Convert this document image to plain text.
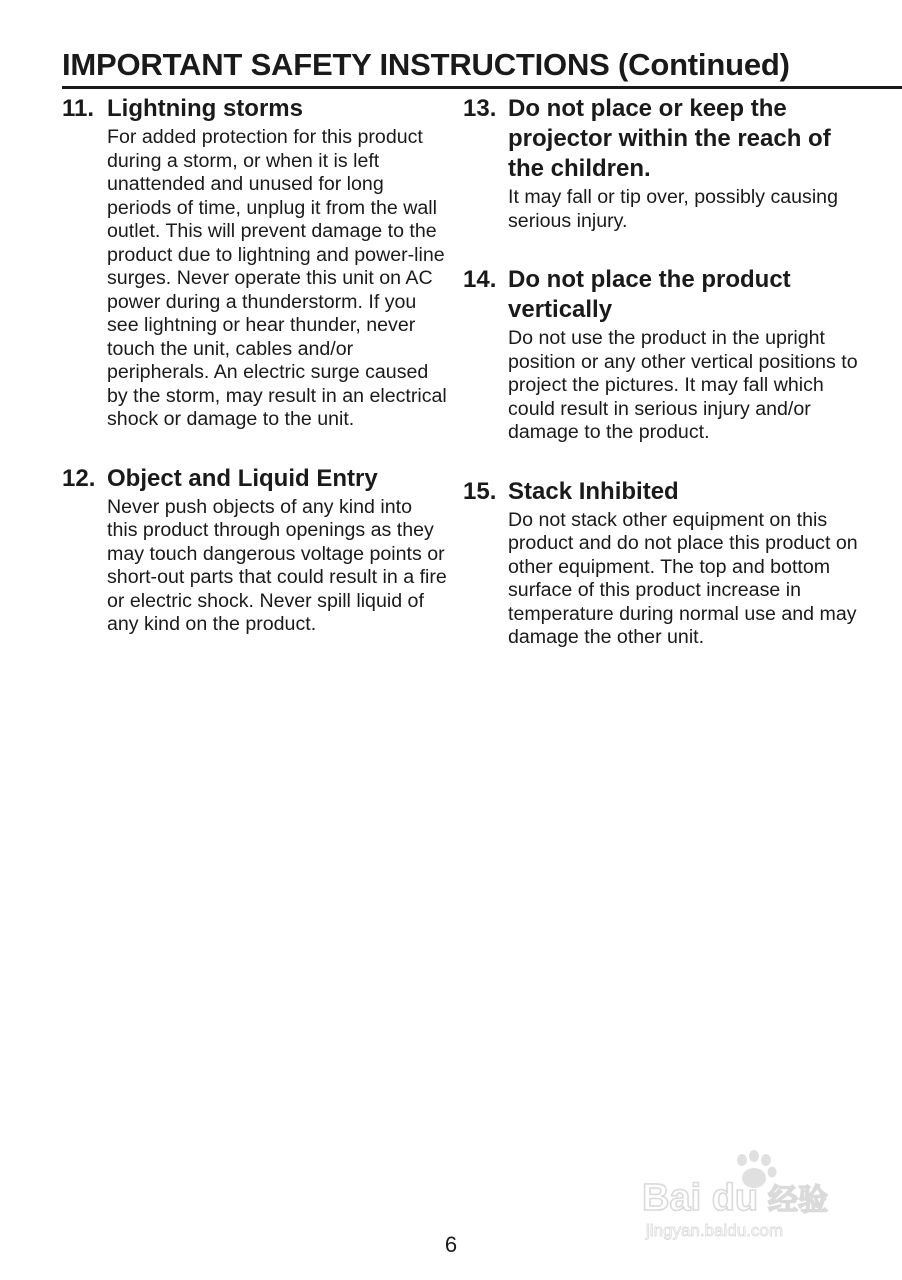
IMPORTANT SAFETY INSTRUCTIONS (Continued)
11. Lightning storms

For added protection for this product during a storm, or when it is left unattended and unused for long periods of time, unplug it from the wall outlet. This will prevent damage to the product due to lightning and power-line surges. Never operate this unit on AC power during a thunderstorm. If you see lightning or hear thunder, never touch the unit, cables and/or peripherals. An electric surge caused by the storm, may result in an electrical shock or damage to the unit.

12. Object and Liquid Entry

Never push objects of any kind into this product through openings as they may touch dangerous voltage points or short-out parts that could result in a fire or electric shock. Never spill liquid of any kind on the product.

13. Do not place or keep the projector within the reach of the children.

It may fall or tip over, possibly causing serious injury.

14. Do not place the product vertically

Do not use the product in the upright position or any other vertical positions to project the pictures. It may fall which could result in serious injury and/or damage to the product.

15. Stack Inhibited

Do not stack other equipment on this product and do not place this product on other equipment. The top and bottom surface of this product increase in temperature during normal use and may damage the other unit.

Bai du 经验
jingyan.baidu.com
6
